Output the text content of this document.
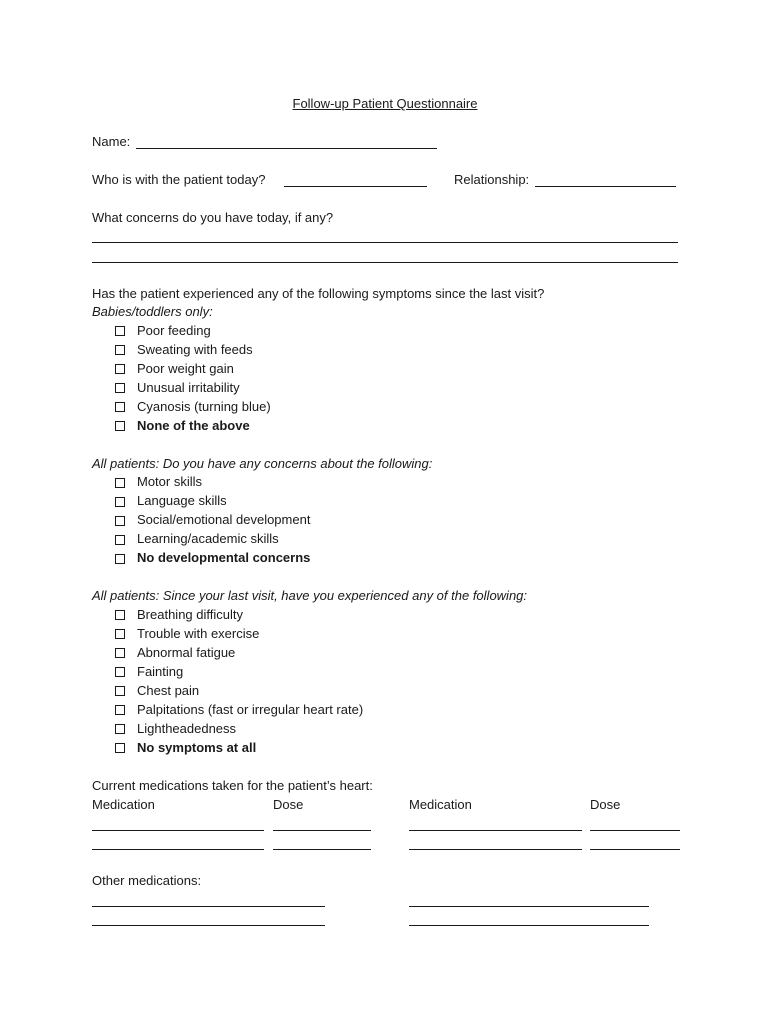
Follow-up Patient Questionnaire
Name:
Who is with the patient today?	Relationship:
What concerns do you have today, if any?
Has the patient experienced any of the following symptoms since the last visit?
Babies/toddlers only:
Poor feeding
Sweating with feeds
Poor weight gain
Unusual irritability
Cyanosis (turning blue)
None of the above
All patients: Do you have any concerns about the following:
Motor skills
Language skills
Social/emotional development
Learning/academic skills
No developmental concerns
All patients: Since your last visit, have you experienced any of the following:
Breathing difficulty
Trouble with exercise
Abnormal fatigue
Fainting
Chest pain
Palpitations (fast or irregular heart rate)
Lightheadedness
No symptoms at all
Current medications taken for the patient’s heart:
Medication	Dose	Medication	Dose
Other medications:
